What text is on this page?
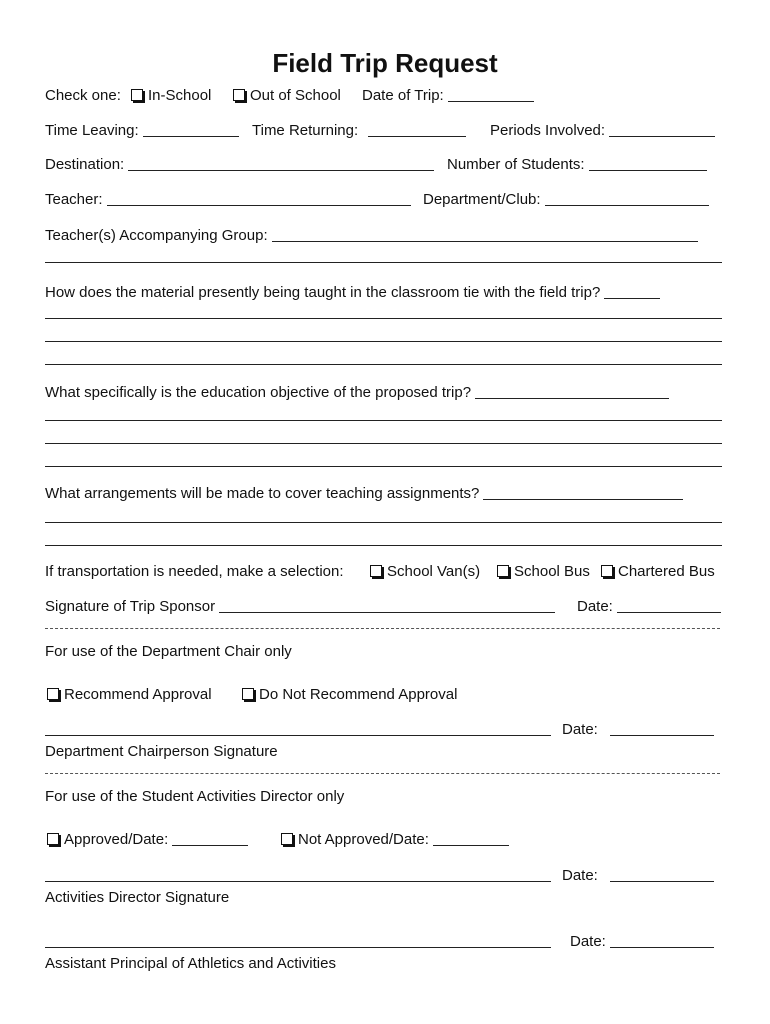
Field Trip Request
Check one:	In-School	Out of School Date of Trip:
Time Leaving:	Time Returning:	Periods Involved:
Destination:	Number of Students:
Teacher:	Department/Club:
Teacher(s) Accompanying Group:
How does the material presently being taught in the classroom tie with the field trip?
What specifically is the education objective of the proposed trip?
What arrangements will be made to cover teaching assignments?
If transportation is needed, make a selection:	School Van(s)	School Bus	Chartered Bus
Signature of Trip Sponsor	Date:
For use of the Department Chair only
Recommend Approval	Do Not Recommend Approval
Date:
Department Chairperson Signature
For use of the Student Activities Director only
Approved/Date:	Not Approved/Date:
Date:
Activities Director Signature
Date:
Assistant Principal of Athletics and Activities
